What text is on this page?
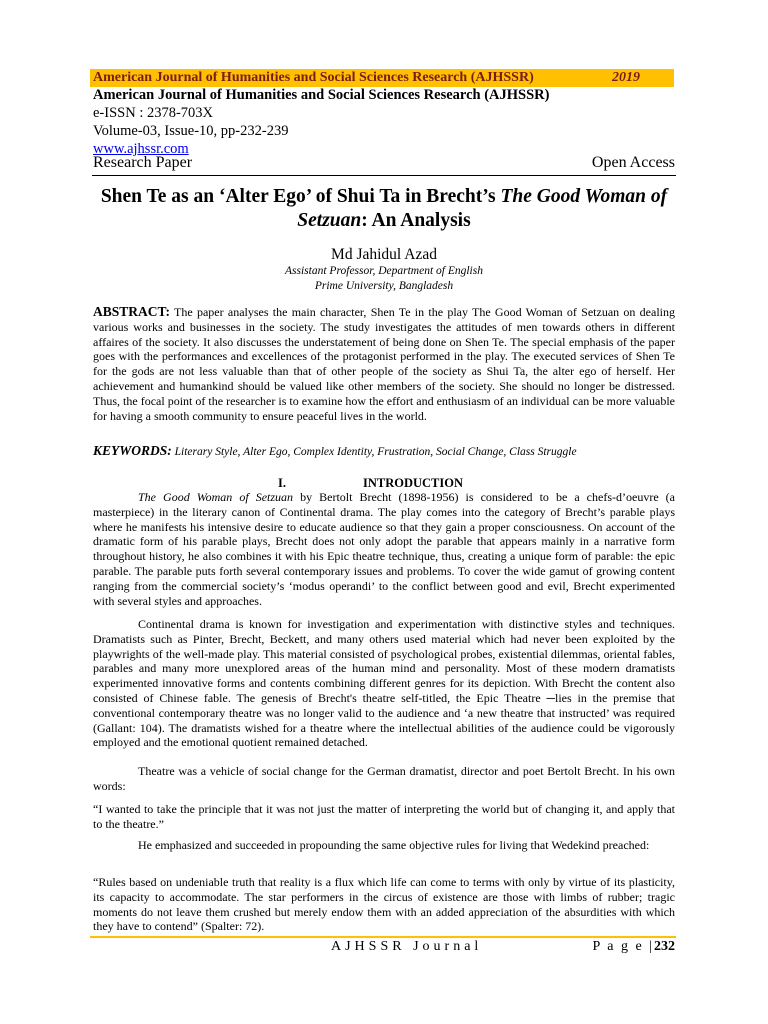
American Journal of Humanities and Social Sciences Research (AJHSSR)	2019
American Journal of Humanities and Social Sciences Research (AJHSSR)
e-ISSN : 2378-703X
Volume-03, Issue-10, pp-232-239
www.ajhssr.com
Research Paper	Open Access
Shen Te as an ‘Alter Ego’ of Shui Ta in Brecht’s The Good Woman of Setzuan: An Analysis
Md Jahidul Azad
Assistant Professor, Department of English
Prime University, Bangladesh
ABSTRACT: The paper analyses the main character, Shen Te in the play The Good Woman of Setzuan on dealing various works and businesses in the society. The study investigates the attitudes of men towards others in different affaires of the society. It also discusses the understatement of being done on Shen Te. The special emphasis of the paper goes with the performances and excellences of the protagonist performed in the play. The executed services of Shen Te for the gods are not less valuable than that of other people of the society as Shui Ta, the alter ego of herself. Her achievement and humankind should be valued like other members of the society. She should no longer be distressed. Thus, the focal point of the researcher is to examine how the effort and enthusiasm of an individual can be more valuable for having a smooth community to ensure peaceful lives in the world.
KEYWORDS: Literary Style, Alter Ego, Complex Identity, Frustration, Social Change, Class Struggle
I.	INTRODUCTION
The Good Woman of Setzuan by Bertolt Brecht (1898-1956) is considered to be a chefs-d’oeuvre (a masterpiece) in the literary canon of Continental drama. The play comes into the category of Brecht’s parable plays where he manifests his intensive desire to educate audience so that they gain a proper consciousness. On account of the dramatic form of his parable plays, Brecht does not only adopt the parable that appears mainly in a narrative form throughout history, he also combines it with his Epic theatre technique, thus, creating a unique form of parable: the epic parable. The parable puts forth several contemporary issues and problems. To cover the wide gamut of growing content ranging from the commercial society’s ‘modus operandi’ to the conflict between good and evil, Brecht experimented with several styles and approaches.
Continental drama is known for investigation and experimentation with distinctive styles and techniques. Dramatists such as Pinter, Brecht, Beckett, and many others used material which had never been exploited by the playwrights of the well-made play. This material consisted of psychological probes, existential dilemmas, oriental fables, parables and many more unexplored areas of the human mind and personality. Most of these modern dramatists experimented innovative forms and contents combining different genres for its depiction. With Brecht the content also consisted of Chinese fable. The genesis of Brecht's theatre self-titled, the Epic Theatre ─lies in the premise that conventional contemporary theatre was no longer valid to the audience and ‘a new theatre that instructed’ was required (Gallant: 104). The dramatists wished for a theatre where the intellectual abilities of the audience could be vigorously employed and the emotional quotient remained detached.
Theatre was a vehicle of social change for the German dramatist, director and poet Bertolt Brecht. In his own words:
“I wanted to take the principle that it was not just the matter of interpreting the world but of changing it, and apply that to the theatre.”
He emphasized and succeeded in propounding the same objective rules for living that Wedekind preached:
“Rules based on undeniable truth that reality is a flux which life can come to terms with only by virtue of its plasticity, its capacity to accommodate. The star performers in the circus of existence are those with limbs of rubber; tragic moments do not leave them crushed but merely endow them with an added appreciation of the absurdities with which they have to contend” (Spalter: 72).
AJHSSR Journal	P a g e |232
